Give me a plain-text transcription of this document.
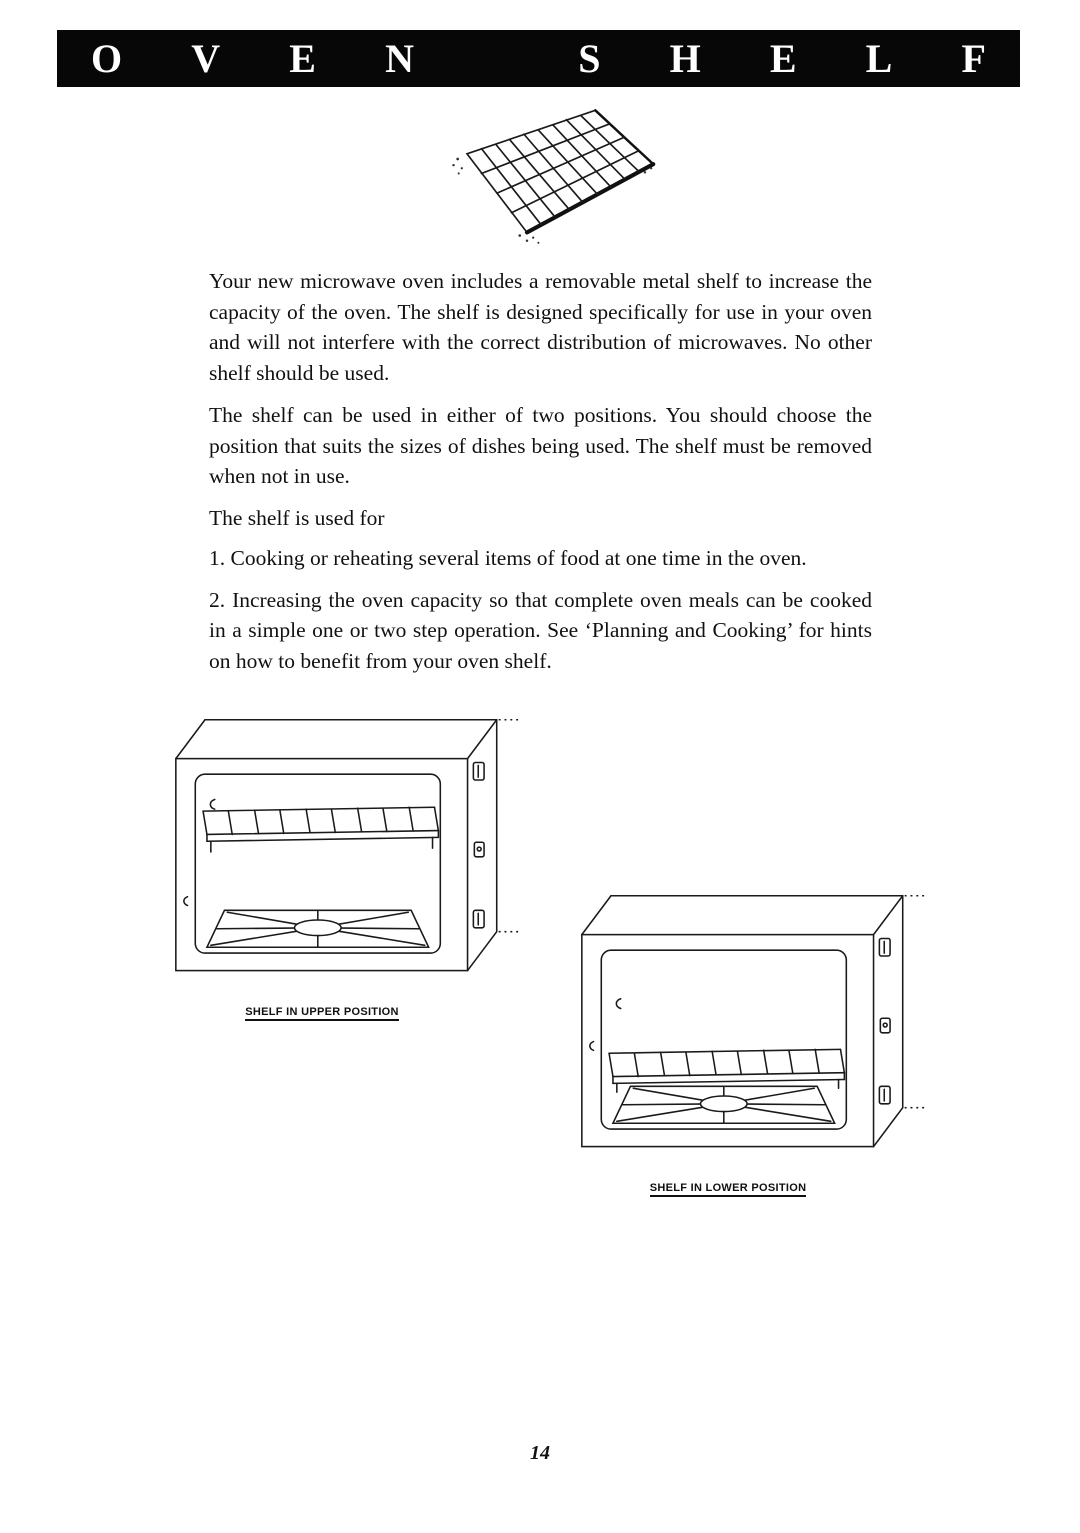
O V E N	S H E L F

Your new microwave oven includes a removable metal shelf to increase the capacity of the oven. The shelf is designed specifically for use in your oven and will not interfere with the correct distribution of microwaves. No other shelf should be used.

The shelf can be used in either of two positions. You should choose the position that suits the sizes of dishes being used. The shelf must be removed when not in use.

The shelf is used for

1. Cooking or reheating several items of food at one time in the oven.

2. Increasing the oven capacity so that complete oven meals can be cooked in a simple one or two step operation. See ‘Planning and Cooking’ for hints on how to benefit from your oven shelf.

SHELF IN UPPER POSITION
SHELF IN LOWER POSITION
14
